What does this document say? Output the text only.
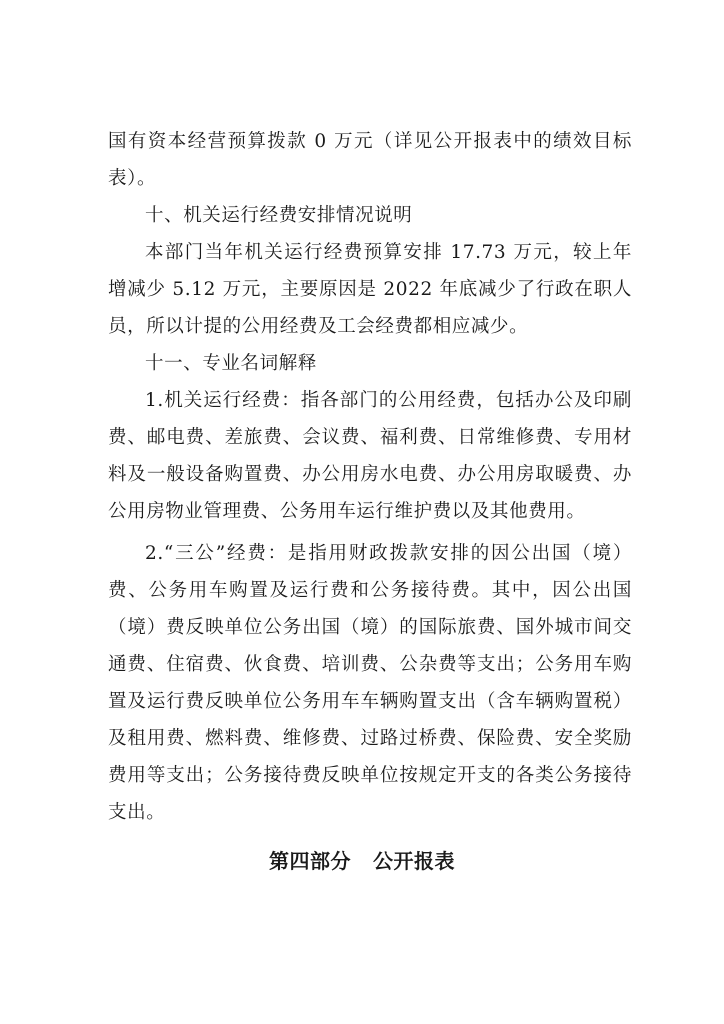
国有资本经营预算拨款 0 万元（详见公开报表中的绩效目标表）。
十、机关运行经费安排情况说明
本部门当年机关运行经费预算安排 17.73 万元，较上年增减少 5.12 万元，主要原因是 2022 年底减少了行政在职人员，所以计提的公用经费及工会经费都相应减少。
十一、专业名词解释
1.机关运行经费：指各部门的公用经费，包括办公及印刷费、邮电费、差旅费、会议费、福利费、日常维修费、专用材料及一般设备购置费、办公用房水电费、办公用房取暖费、办公用房物业管理费、公务用车运行维护费以及其他费用。
2.“三公”经费：是指用财政拨款安排的因公出国（境）费、公务用车购置及运行费和公务接待费。其中，因公出国（境）费反映单位公务出国（境）的国际旅费、国外城市间交通费、住宿费、伙食费、培训费、公杂费等支出；公务用车购置及运行费反映单位公务用车车辆购置支出（含车辆购置税）及租用费、燃料费、维修费、过路过桥费、保险费、安全奖励费用等支出；公务接待费反映单位按规定开支的各类公务接待支出。
第四部分 公开报表
